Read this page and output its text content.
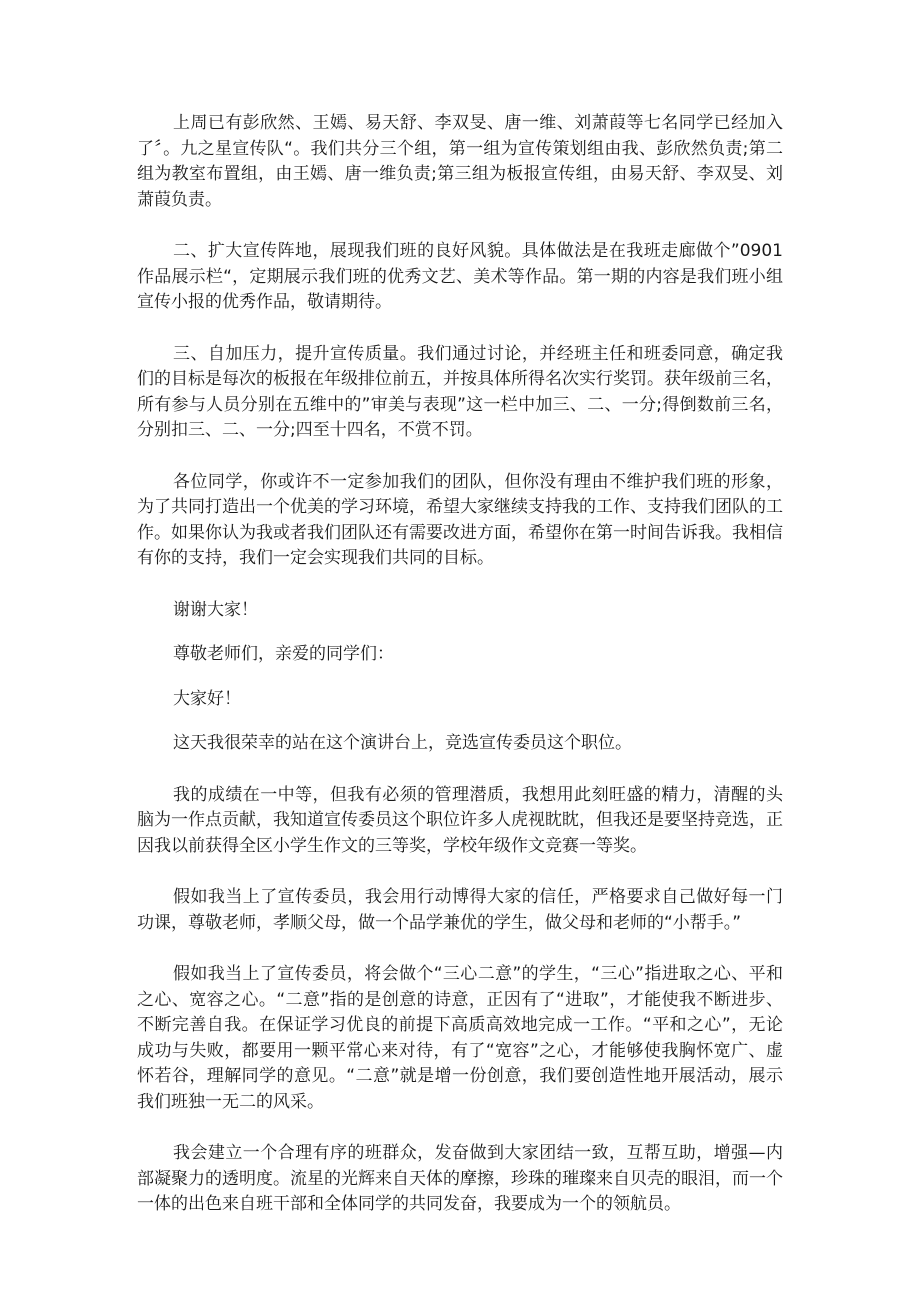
上周已有彭欣然、王嫣、易天舒、李双旻、唐一维、刘萧葭等七名同学已经加入了〞。九之星宣传队“。我们共分三个组，第一组为宣传策划组由我、彭欣然负责;第二组为教室布置组，由王嫣、唐一维负责;第三组为板报宣传组，由易天舒、李双旻、刘萧葭负责。

二、扩大宣传阵地，展现我们班的良好风貌。具体做法是在我班走廊做个”0901作品展示栏“，定期展示我们班的优秀文艺、美术等作品。第一期的内容是我们班小组宣传小报的优秀作品，敬请期待。

三、自加压力，提升宣传质量。我们通过讨论，并经班主任和班委同意，确定我们的目标是每次的板报在年级排位前五，并按具体所得名次实行奖罚。获年级前三名，所有参与人员分别在五维中的”审美与表现”这一栏中加三、二、一分;得倒数前三名，分别扣三、二、一分;四至十四名，不赏不罚。

各位同学，你或许不一定参加我们的团队，但你没有理由不维护我们班的形象，为了共同打造出一个优美的学习环境，希望大家继续支持我的工作、支持我们团队的工作。如果你认为我或者我们团队还有需要改进方面，希望你在第一时间告诉我。我相信有你的支持，我们一定会实现我们共同的目标。

谢谢大家！

尊敬老师们，亲爱的同学们：

大家好！

这天我很荣幸的站在这个演讲台上，竞选宣传委员这个职位。

我的成绩在一中等，但我有必须的管理潜质，我想用此刻旺盛的精力，清醒的头脑为一作点贡献，我知道宣传委员这个职位许多人虎视眈眈，但我还是要坚持竞选，正因我以前获得全区小学生作文的三等奖，学校年级作文竞赛一等奖。

假如我当上了宣传委员，我会用行动博得大家的信任，严格要求自己做好每一门功课，尊敬老师，孝顺父母，做一个品学兼优的学生，做父母和老师的“小帮手。”

假如我当上了宣传委员，将会做个“三心二意”的学生，“三心”指进取之心、平和之心、宽容之心。“二意”指的是创意的诗意，正因有了“进取”，才能使我不断进步、不断完善自我。在保证学习优良的前提下高质高效地完成一工作。“平和之心”，无论成功与失败，都要用一颗平常心来对待，有了“宽容”之心，才能够使我胸怀宽广、虚怀若谷，理解同学的意见。“二意”就是增一份创意，我们要创造性地开展活动，展示我们班独一无二的风采。

我会建立一个合理有序的班群众，发奋做到大家团结一致，互帮互助，增强—内部凝聚力的透明度。流星的光辉来自天体的摩擦，珍珠的璀璨来自贝壳的眼泪，而一个一体的出色来自班干部和全体同学的共同发奋，我要成为一个的领航员。
